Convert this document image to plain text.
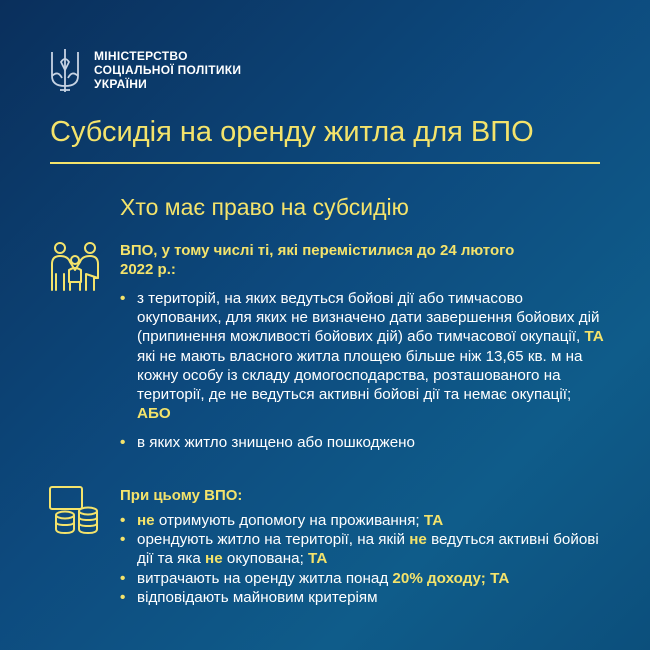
МІНІСТЕРСТВО
СОЦІАЛЬНОЇ ПОЛІТИКИ
УКРАЇНИ
Субсидія на оренду житла для ВПО
Хто має право на субсидію
ВПО, у тому числі ті, які перемістилися до 24 лютого 2022 р.:
• з територій, на яких ведуться бойові дії або тимчасово окупованих, для яких не визначено дати завершення бойових дій (припинення можливості бойових дій) або тимчасової окупації, ТА які не мають власного житла площею більше ніж 13,65 кв. м на кожну особу із складу домогосподарства, розташованого на території, де не ведуться активні бойові дії та немає окупації; АБО
• в яких житло знищено або пошкоджено
При цьому ВПО:
• не отримують допомогу на проживання; ТА
• орендують житло на території, на якій не ведуться активні бойові дії та яка не окупована; ТА
• витрачають на оренду житла понад 20% доходу; ТА
• відповідають майновим критеріям
